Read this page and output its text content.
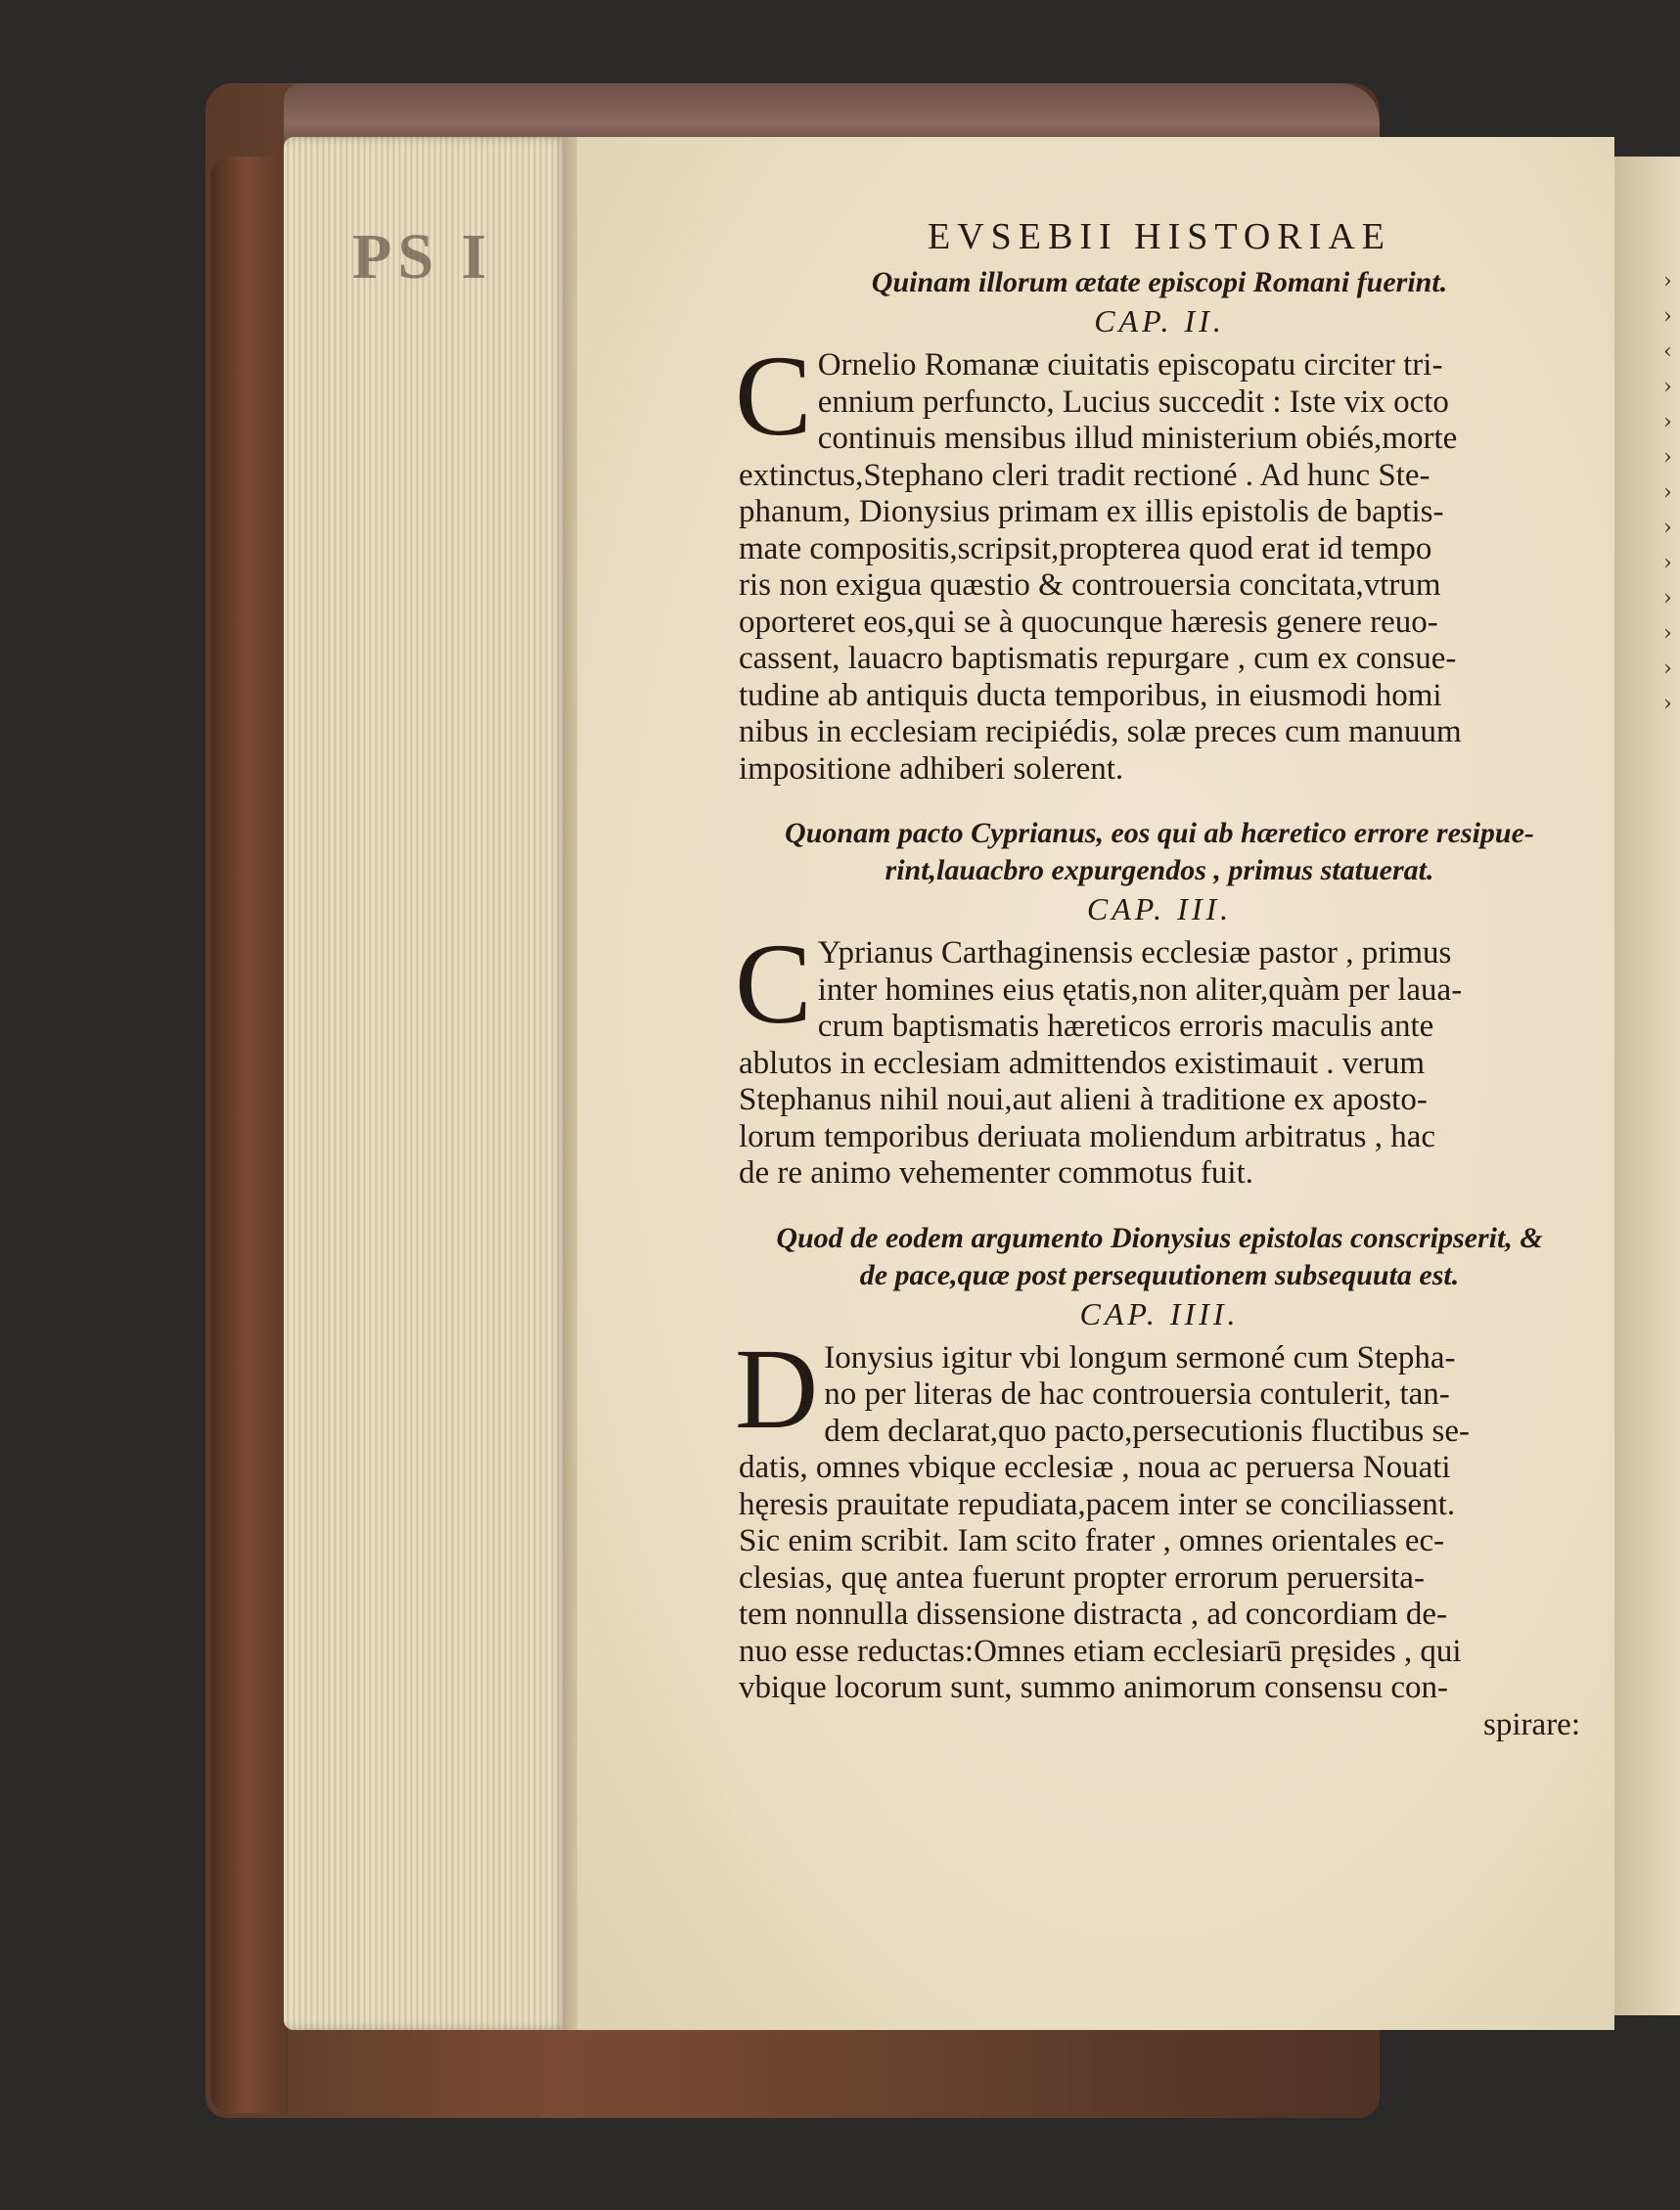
PS I	› › ‹ › › › › › › › › › ›
EVSEBII HISTORIAE
Quinam illorum ætate episcopi Romani fuerint.
CAP. II.
C Ornelio Romanæ ciuitatis episcopatu circiter tri-
ennium perfuncto, Lucius succedit : Iste vix octo
continuis mensibus illud ministerium obiés,morte
extinctus,Stephano cleri tradit rectioné . Ad hunc Ste-
phanum, Dionysius primam ex illis epistolis de baptis-
mate compositis,scripsit,propterea quod erat id tempo
ris non exigua quæstio & controuersia concitata,vtrum
oporteret eos,qui se à quocunque hæresis genere reuo-
cassent, lauacro baptismatis repurgare , cum ex consue-
tudine ab antiquis ducta temporibus, in eiusmodi homi
nibus in ecclesiam recipiédis, solæ preces cum manuum
impositione adhiberi solerent.
Quonam pacto Cyprianus, eos qui ab hæretico errore resipue-
rint,lauacbro expurgendos , primus statuerat.
CAP. III.
C Yprianus Carthaginensis ecclesiæ pastor , primus
inter homines eius ętatis,non aliter,quàm per laua-
crum baptismatis hæreticos erroris maculis ante
ablutos in ecclesiam admittendos existimauit . verum
Stephanus nihil noui,aut alieni à traditione ex aposto-
lorum temporibus deriuata moliendum arbitratus , hac
de re animo vehementer commotus fuit.
Quod de eodem argumento Dionysius epistolas conscripserit, &
de pace,quæ post persequutionem subsequuta est.
CAP. IIII.
D Ionysius igitur vbi longum sermoné cum Stepha-
no per literas de hac controuersia contulerit, tan-
dem declarat,quo pacto,persecutionis fluctibus se-
datis, omnes vbique ecclesiæ , noua ac peruersa Nouati
hęresis prauitate repudiata,pacem inter se conciliassent.
Sic enim scribit. Iam scito frater , omnes orientales ec-
clesias, quę antea fuerunt propter errorum peruersita-
tem nonnulla dissensione distracta , ad concordiam de-
nuo esse reductas:Omnes etiam ecclesiarū pręsides , qui
vbique locorum sunt, summo animorum consensu con-
spirare:
